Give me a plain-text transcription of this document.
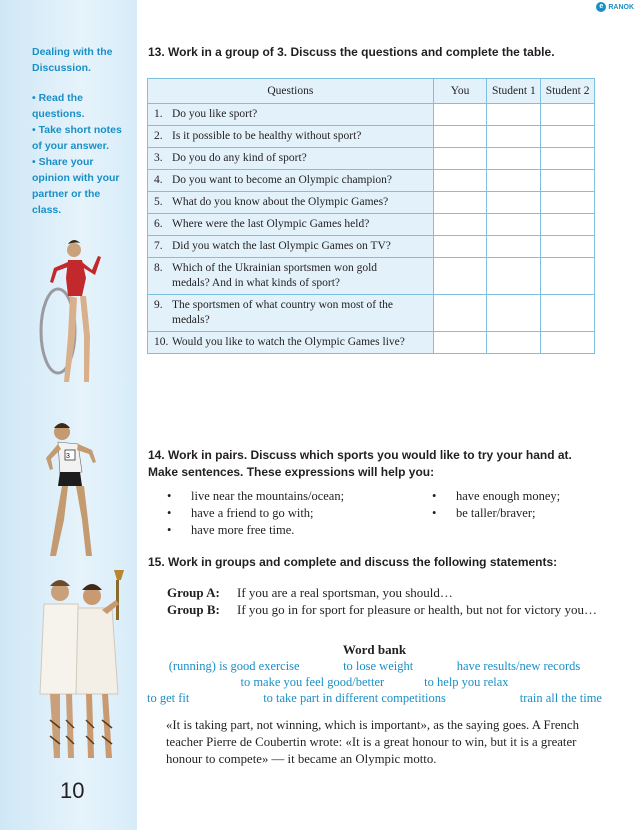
e RANOK
Dealing with the Discussion.
• Read the questions.
• Take short notes of your answer.
• Share your opinion with your partner or the class.
3
10
13. Work in a group of 3. Discuss the questions and complete the table.
Questions	You	Student 1	Student 2
1. Do you like sport?			
2. Is it possible to be healthy without sport?			
3. Do you do any kind of sport?			
4. Do you want to become an Olympic champion?			
5. What do you know about the Olympic Games?			
6. Where were the last Olympic Games held?			
7. Did you watch the last Olympic Games on TV?			
8. Which of the Ukrainian sportsmen won gold medals? And in what kinds of sport?			
9. The sportsmen of what country won most of the medals?			
10. Would you like to watch the Olympic Games live?			
14. Work in pairs. Discuss which sports you would like to try your hand at.
Make sentences. These expressions will help you:
• live near the mountains/ocean;
• have a friend to go with;
• have more free time.
• have enough money;
• be taller/braver;
15. Work in groups and complete and discuss the following statements:
Group A:	If you are a real sportsman, you should…
Group B:	If you go in for sport for pleasure or health, but not for victory you…
Word bank
(running) is good exercise	to lose weight	have results/new records
to make you feel good/better	to help you relax
to get fit	to take part in different competitions	train all the time

«It is taking part, not winning, which is important», as the saying goes. A French teacher Pierre de Coubertin wrote: «It is a great honour to win, but it is a greater honour to compete» — it became an Olympic motto.
